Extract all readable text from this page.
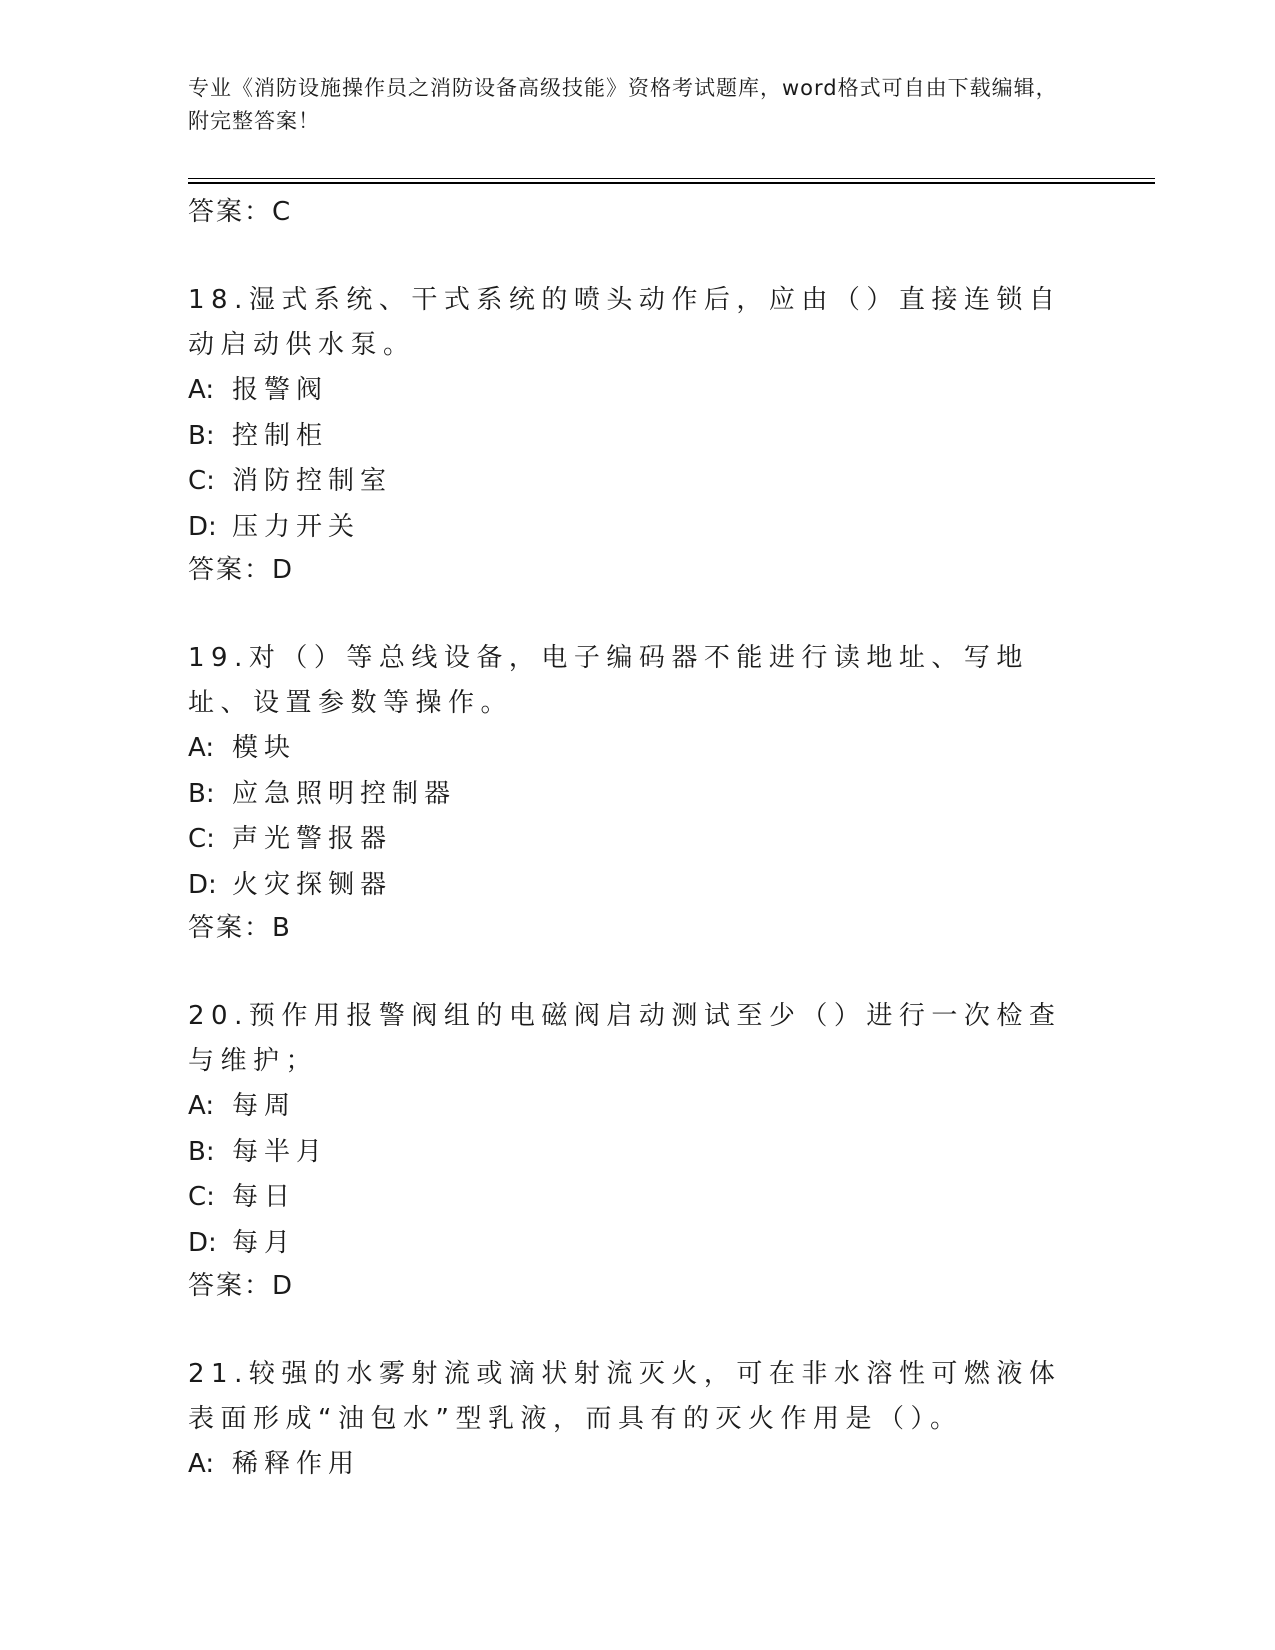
专业《消防设施操作员之消防设备高级技能》资格考试题库，word格式可自由下载编辑，附完整答案！
答案：C
18.湿式系统、干式系统的喷头动作后，应由（）直接连锁自动启动供水泵。
A: 报警阀
B: 控制柜
C: 消防控制室
D: 压力开关
答案：D
19.对（）等总线设备，电子编码器不能进行读地址、写地址、设置参数等操作。
A: 模块
B: 应急照明控制器
C: 声光警报器
D: 火灾探铡器
答案：B
20.预作用报警阀组的电磁阀启动测试至少（）进行一次检查与维护；
A: 每周
B: 每半月
C: 每日
D: 每月
答案：D
21.较强的水雾射流或滴状射流灭火，可在非水溶性可燃液体表面形成“油包水”型乳液，而具有的灭火作用是（）。
A: 稀释作用
